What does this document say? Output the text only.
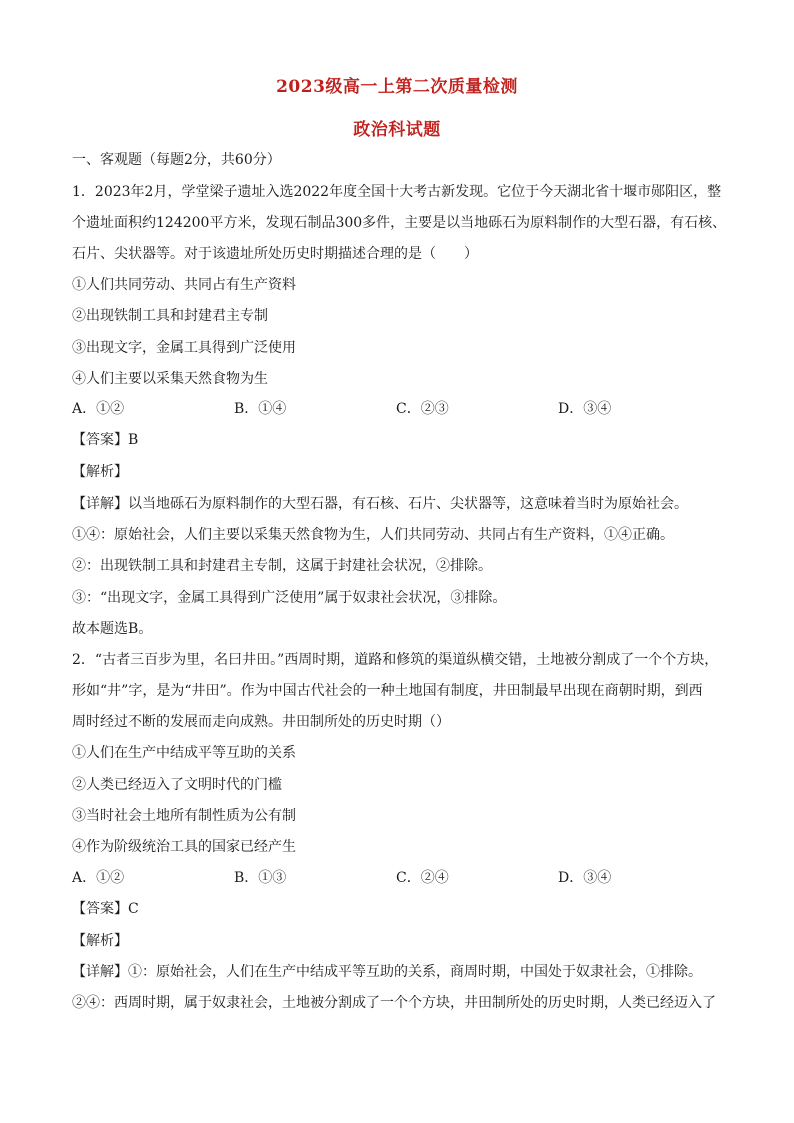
2023级高一上第二次质量检测
政治科试题
一、客观题（每题2分，共60分）
1．2023年2月，学堂梁子遗址入选2022年度全国十大考古新发现。它位于今天湖北省十堰市郧阳区，整
个遗址面积约124200平方米，发现石制品300多件，主要是以当地砾石为原料制作的大型石器，有石核、
石片、尖状器等。对于该遗址所处历史时期描述合理的是（　　）
①人们共同劳动、共同占有生产资料
②出现铁制工具和封建君主专制
③出现文字，金属工具得到广泛使用
④人们主要以采集天然食物为生
A．①②	B．①④	C．②③	D．③④
【答案】B
【解析】
【详解】以当地砾石为原料制作的大型石器，有石核、石片、尖状器等，这意味着当时为原始社会。
①④：原始社会，人们主要以采集天然食物为生，人们共同劳动、共同占有生产资料，①④正确。
②：出现铁制工具和封建君主专制，这属于封建社会状况，②排除。
③：“出现文字，金属工具得到广泛使用”属于奴隶社会状况，③排除。
故本题选B。
2．“古者三百步为里，名曰井田。”西周时期，道路和修筑的渠道纵横交错，土地被分割成了一个个方块，
形如“井”字，是为“井田”。作为中国古代社会的一种土地国有制度，井田制最早出现在商朝时期，到西
周时经过不断的发展而走向成熟。井田制所处的历史时期（）
①人们在生产中结成平等互助的关系
②人类已经迈入了文明时代的门槛
③当时社会土地所有制性质为公有制
④作为阶级统治工具的国家已经产生
A．①②	B．①③	C．②④	D．③④
【答案】C
【解析】
【详解】①：原始社会，人们在生产中结成平等互助的关系，商周时期，中国处于奴隶社会，①排除。
②④：西周时期，属于奴隶社会，土地被分割成了一个个方块，井田制所处的历史时期，人类已经迈入了
